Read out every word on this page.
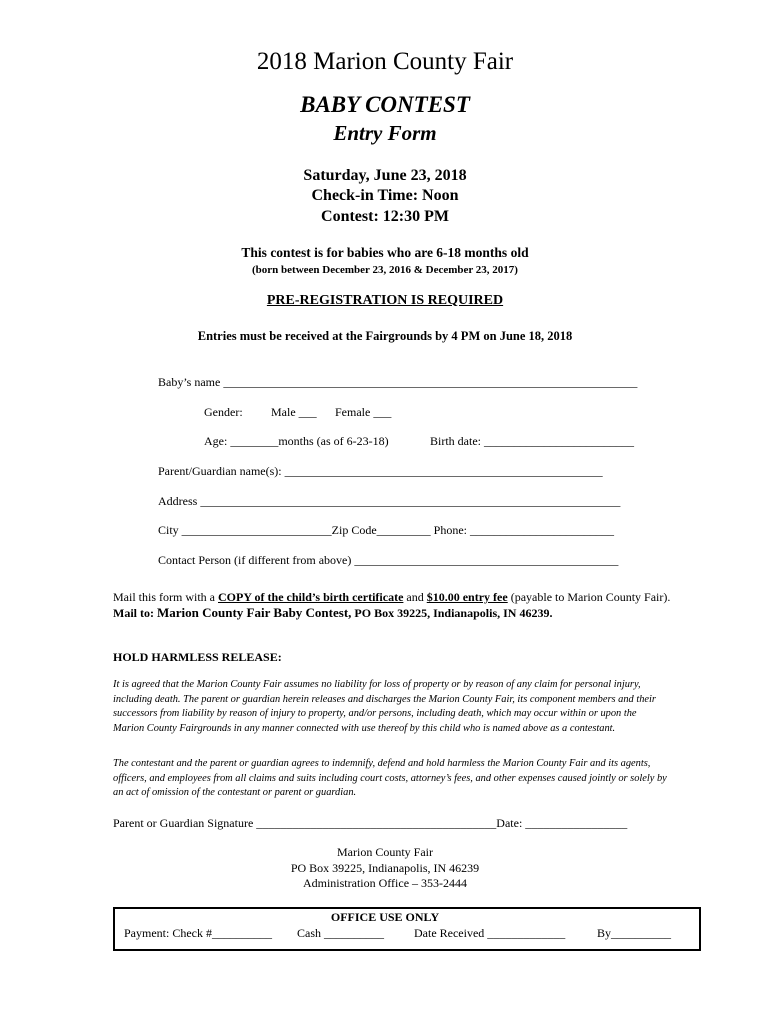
2018 Marion County Fair
BABY CONTEST
Entry Form
Saturday, June 23, 2018
Check-in Time: Noon
Contest: 12:30 PM
This contest is for babies who are 6-18 months old
(born between December 23, 2016 & December 23, 2017)
PRE-REGISTRATION IS REQUIRED
Entries must be received at the Fairgrounds by 4 PM on June 18, 2018
Baby’s name _____________________________________________________________________
Gender: Male ___ Female ___
Age: ________months (as of 6-23-18)	Birth date: _________________________
Parent/Guardian name(s): _____________________________________________________
Address ______________________________________________________________________
City _________________________Zip Code_________ Phone: ________________________
Contact Person (if different from above) ____________________________________________
Mail this form with a COPY of the child’s birth certificate and $10.00 entry fee (payable to Marion County Fair). Mail to: Marion County Fair Baby Contest, PO Box 39225, Indianapolis, IN 46239.
HOLD HARMLESS RELEASE:
It is agreed that the Marion County Fair assumes no liability for loss of property or by reason of any claim for personal injury, including death. The parent or guardian herein releases and discharges the Marion County Fair, its component members and their successors from liability by reason of injury to property, and/or persons, including death, which may occur within or upon the Marion County Fairgrounds in any manner connected with use thereof by this child who is named above as a contestant.
The contestant and the parent or guardian agrees to indemnify, defend and hold harmless the Marion County Fair and its agents, officers, and employees from all claims and suits including court costs, attorney’s fees, and other expenses caused jointly or solely by an act of omission of the contestant or parent or guardian.
Parent or Guardian Signature ________________________________________Date: _________________
Marion County Fair
PO Box 39225, Indianapolis, IN 46239
Administration Office – 353-2444
OFFICE USE ONLY
Payment: Check #__________ Cash __________	Date Received _____________	By__________
